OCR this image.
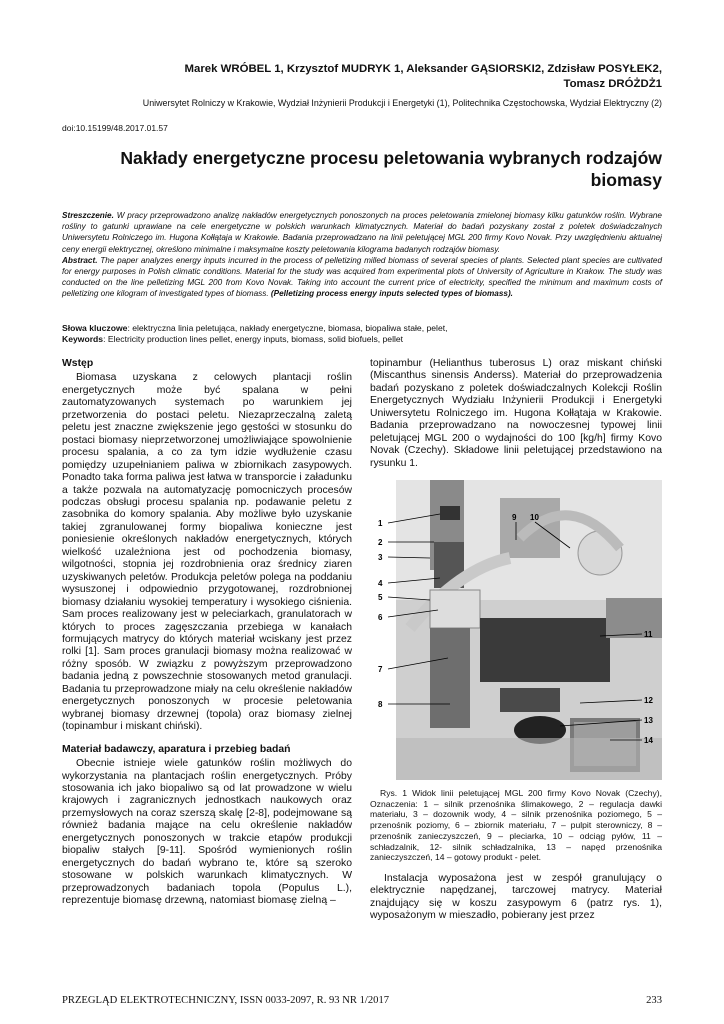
Marek WRÓBEL 1, Krzysztof MUDRYK 1, Aleksander GĄSIORSKI2, Zdzisław POSYŁEK2,
Tomasz DRÓŻDŻ1
Uniwersytet Rolniczy w Krakowie, Wydział Inżynierii Produkcji i Energetyki (1), Politechnika Częstochowska, Wydział Elektryczny (2)
doi:10.15199/48.2017.01.57
Nakłady energetyczne procesu peletowania wybranych rodzajów biomasy
Streszczenie. W pracy przeprowadzono analizę nakładów energetycznych ponoszonych na proces peletowania zmielonej biomasy kilku gatunków roślin. Wybrane rośliny to gatunki uprawiane na cele energetyczne w polskich warunkach klimatycznych. Materiał do badań pozyskany został z poletek doświadczalnych Uniwersytetu Rolniczego im. Hugona Kołłątaja w Krakowie. Badania przeprowadzano na linii peletującej MGL 200 firmy Kovo Novak. Przy uwzględnieniu aktualnej ceny energii elektrycznej, określono minimalne i maksymalne koszty peletowania kilograma badanych rodzajów biomasy.
Abstract. The paper analyzes energy inputs incurred in the process of pelletizing milled biomass of several species of plants. Selected plant species are cultivated for energy purposes in Polish climatic conditions. Material for the study was acquired from experimental plots of University of Agriculture in Krakow. The study was conducted on the line pelletizing MGL 200 from Kovo Novak. Taking into account the current price of electricity, specified the minimum and maximum costs of pelletizing one kilogram of investigated types of biomass. (Pelletizing process energy inputs selected types of biomass).
Słowa kluczowe: elektryczna linia peletująca, nakłady energetyczne, biomasa, biopaliwa stałe, pelet,
Keywords: Electricity production lines pellet, energy inputs, biomass, solid biofuels, pellet
Wstęp

Biomasa uzyskana z celowych plantacji roślin energetycznych może być spalana w pełni zautomatyzowanych systemach po warunkiem jej przetworzenia do postaci peletu. Niezaprzeczalną zaletą peletu jest znaczne zwiększenie jego gęstości w stosunku do postaci biomasy nieprzetworzonej umożliwiające spowolnienie procesu spalania, a co za tym idzie wydłużenie czasu pomiędzy uzupełnianiem paliwa w zbiornikach zasypowych. Ponadto taka forma paliwa jest łatwa w transporcie i załadunku a także pozwala na automatyzację pomocniczych procesów podczas obsługi procesu spalania np. podawanie peletu z zasobnika do komory spalania. Aby możliwe było uzyskanie takiej zgranulowanej formy biopaliwa konieczne jest poniesienie określonych nakładów energetycznych, których wielkość uzależniona jest od pochodzenia biomasy, wilgotności, stopnia jej rozdrobnienia oraz średnicy ziaren uzyskiwanych peletów. Produkcja peletów polega na poddaniu wysuszonej i odpowiednio przygotowanej, rozdrobnionej biomasy działaniu wysokiej temperatury i wysokiego ciśnienia. Sam proces realizowany jest w peleciarkach, granulatorach w których to proces zagęszczania przebiega w kanałach formujących matrycy do których materiał wciskany jest przez rolki [1]. Sam proces granulacji biomasy można realizować w różny sposób. W związku z powyższym przeprowadzono badania jedną z powszechnie stosowanych metod granulacji. Badania tu przeprowadzone miały na celu określenie nakładów energetycznych ponoszonych w procesie peletowania wybranej biomasy drzewnej (topola) oraz biomasy zielnej (topinambur i miskant chiński).

Materiał badawczy, aparatura i przebieg badań

Obecnie istnieje wiele gatunków roślin możliwych do wykorzystania na plantacjach roślin energetycznych. Próby stosowania ich jako biopaliwo są od lat prowadzone w wielu krajowych i zagranicznych jednostkach naukowych oraz przemysłowych na coraz szerszą skalę [2-8], podejmowane są również badania mające na celu określenie nakładów energetycznych ponoszonych w trakcie etapów produkcji biopaliw stałych [9-11]. Spośród wymienionych roślin energetycznych do badań wybrano te, które są szeroko stosowane w polskich warunkach klimatycznych. W przeprowadzonych badaniach topola (Populus L.), reprezentuje biomasę drzewną, natomiast biomasę zielną –

topinambur (Helianthus tuberosus L) oraz miskant chiński (Miscanthus sinensis Anderss). Materiał do przeprowadzenia badań pozyskano z poletek doświadczalnych Kolekcji Roślin Energetycznych Wydziału Inżynierii Produkcji i Energetyki Uniwersytetu Rolniczego im. Hugona Kołłątaja w Krakowie. Badania przeprowadzano na nowoczesnej typowej linii peletującej MGL 200 o wydajności do 100 [kg/h] firmy Kovo Novak (Czechy). Składowe linii peletującej przedstawiono na rysunku 1.
1
2
3
4
5
6
7
8
9 10
11
12
13
14
Rys. 1 Widok linii peletującej MGL 200 firmy Kovo Novak (Czechy), Oznaczenia: 1 – silnik przenośnika ślimakowego, 2 – regulacja dawki materiału, 3 – dozownik wody, 4 – silnik przenośnika poziomego, 5 – przenośnik poziomy, 6 – zbiornik materiału, 7 – pulpit sterowniczy, 8 – przenośnik zanieczyszczeń, 9 – pleciarka, 10 – odciąg pyłów, 11 – schładzalnik, 12- silnik schładzalnika, 13 – napęd przenośnika zanieczyszczeń, 14 – gotowy produkt - pelet.

Instalacja wyposażona jest w zespół granulujący o elektrycznie napędzanej, tarczowej matrycy. Materiał znajdujący się w koszu zasypowym 6 (patrz rys. 1), wyposażonym w mieszadło, pobierany jest przez

PRZEGLĄD ELEKTROTECHNICZNY, ISSN 0033-2097, R. 93 NR 1/2017	233
